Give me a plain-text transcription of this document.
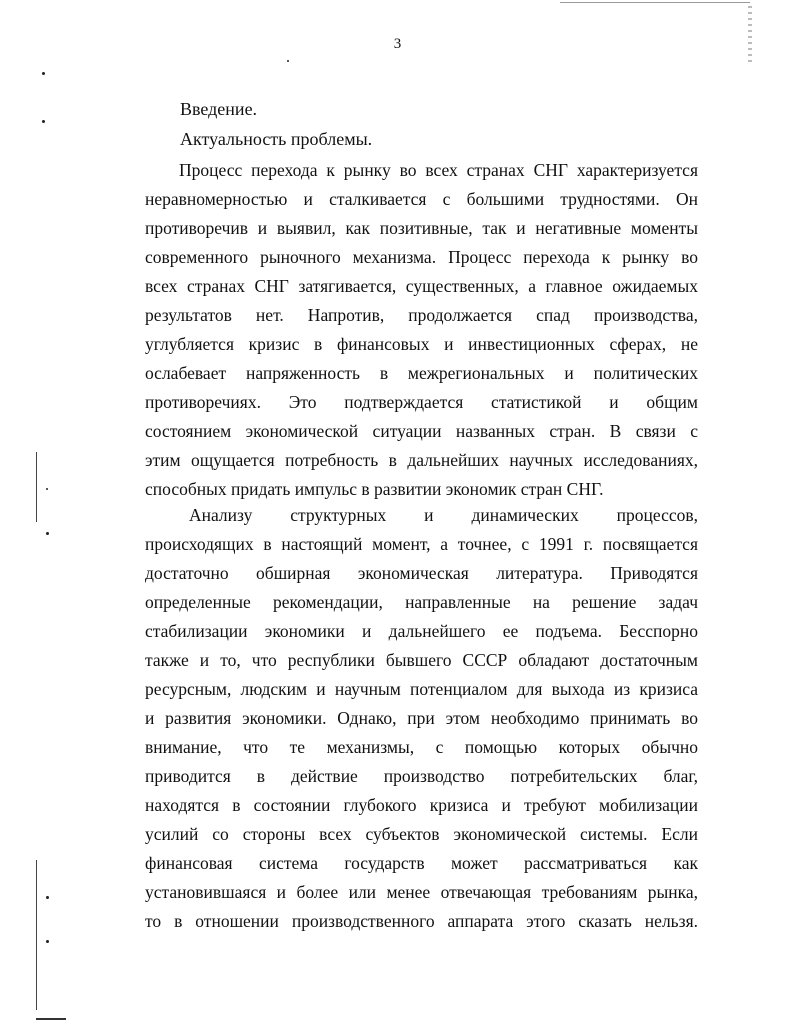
3
Введение.
Актуальность проблемы.
Процесс перехода к рынку во всех странах СНГ характеризуется
неравномерностью и сталкивается с большими трудностями. Он
противоречив и выявил, как позитивные, так и негативные моменты
современного рыночного механизма. Процесс перехода к рынку во
всех странах СНГ затягивается, существенных, а главное ожидаемых
результатов нет. Напротив, продолжается спад производства,
углубляется кризис в финансовых и инвестиционных сферах, не
ослабевает напряженность в межрегиональных и политических
противоречиях. Это подтверждается статистикой и общим
состоянием экономической ситуации названных стран. В связи с
этим ощущается потребность в дальнейших научных исследованиях,
способных придать импульс в развитии экономик стран СНГ.
Анализу структурных и динамических процессов,
происходящих в настоящий момент, а точнее, с 1991 г. посвящается
достаточно обширная экономическая литература. Приводятся
определенные рекомендации, направленные на решение задач
стабилизации экономики и дальнейшего ее подъема. Бесспорно
также и то, что республики бывшего СССР обладают достаточным
ресурсным, людским и научным потенциалом для выхода из кризиса
и развития экономики. Однако, при этом необходимо принимать во
внимание, что те механизмы, с помощью которых обычно
приводится в действие производство потребительских благ,
находятся в состоянии глубокого кризиса и требуют мобилизации
усилий со стороны всех субъектов экономической системы. Если
финансовая система государств может рассматриваться как
установившаяся и более или менее отвечающая требованиям рынка,
то в отношении производственного аппарата этого сказать нельзя.
